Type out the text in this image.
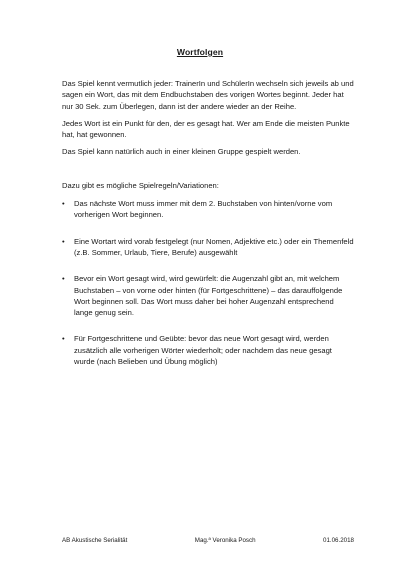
Wortfolgen

Das Spiel kennt vermutlich jeder: TrainerIn und SchülerIn wechseln sich jeweils ab und sagen ein Wort, das mit dem Endbuchstaben des vorigen Wortes beginnt. Jeder hat nur 30 Sek. zum Überlegen, dann ist der andere wieder an der Reihe.

Jedes Wort ist ein Punkt für den, der es gesagt hat. Wer am Ende die meisten Punkte hat, hat gewonnen.

Das Spiel kann natürlich auch in einer kleinen Gruppe gespielt werden.

Dazu gibt es mögliche Spielregeln/Variationen:

• Das nächste Wort muss immer mit dem 2. Buchstaben von hinten/vorne vom vorherigen Wort beginnen.
• Eine Wortart wird vorab festgelegt (nur Nomen, Adjektive etc.) oder ein Themenfeld (z.B. Sommer, Urlaub, Tiere, Berufe) ausgewählt
• Bevor ein Wort gesagt wird, wird gewürfelt: die Augenzahl gibt an, mit welchem Buchstaben – von vorne oder hinten (für Fortgeschrittene) – das darauffolgende Wort beginnen soll. Das Wort muss daher bei hoher Augenzahl entsprechend lange genug sein.
• Für Fortgeschrittene und Geübte: bevor das neue Wort gesagt wird, werden zusätzlich alle vorherigen Wörter wiederholt; oder nachdem das neue gesagt wurde (nach Belieben und Übung möglich)
AB Akustische Serialität	Mag.ª Veronika Posch	01.06.2018
